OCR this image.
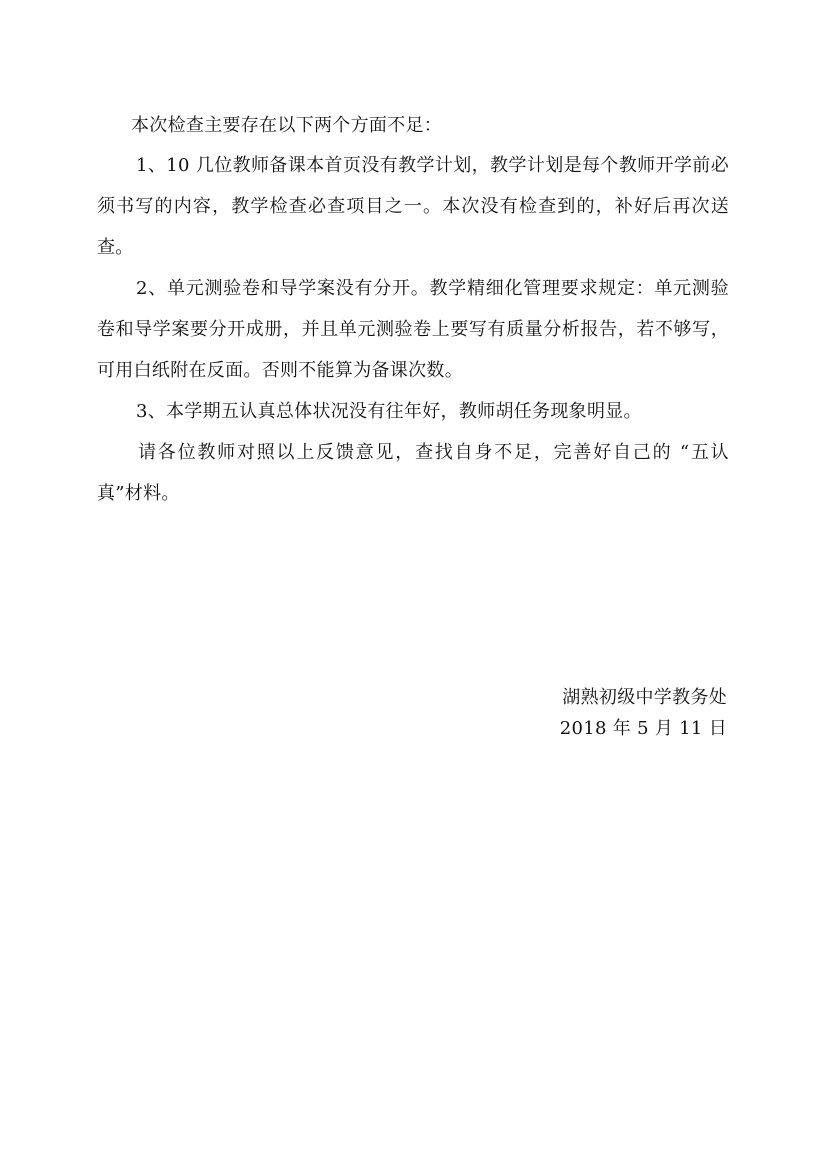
本次检查主要存在以下两个方面不足：

1、10 几位教师备课本首页没有教学计划，教学计划是每个教师开学前必须书写的内容，教学检查必查项目之一。本次没有检查到的，补好后再次送查。

2、单元测验卷和导学案没有分开。教学精细化管理要求规定：单元测验卷和导学案要分开成册，并且单元测验卷上要写有质量分析报告，若不够写，可用白纸附在反面。否则不能算为备课次数。

3、本学期五认真总体状况没有往年好，教师胡任务现象明显。

请各位教师对照以上反馈意见，查找自身不足，完善好自己的 “五认真”材料。

湖熟初级中学教务处
2018 年 5 月 11 日
